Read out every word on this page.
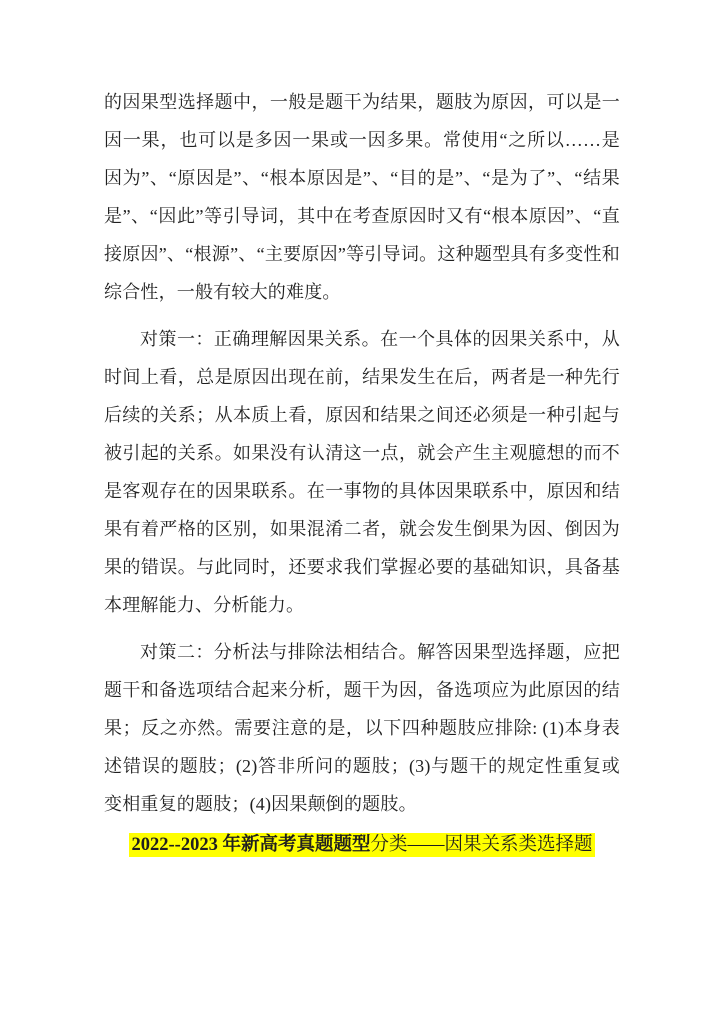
的因果型选择题中，一般是题干为结果，题肢为原因，可以是一因一果，也可以是多因一果或一因多果。常使用“之所以……是因为”、“原因是”、“根本原因是”、“目的是”、“是为了”、“结果是”、“因此”等引导词，其中在考查原因时又有“根本原因”、“直接原因”、“根源”、“主要原因”等引导词。这种题型具有多变性和综合性，一般有较大的难度。

对策一：正确理解因果关系。在一个具体的因果关系中，从时间上看，总是原因出现在前，结果发生在后，两者是一种先行后续的关系；从本质上看，原因和结果之间还必须是一种引起与被引起的关系。如果没有认清这一点，就会产生主观臆想的而不是客观存在的因果联系。在一事物的具体因果联系中，原因和结果有着严格的区别，如果混淆二者，就会发生倒果为因、倒因为果的错误。与此同时，还要求我们掌握必要的基础知识，具备基本理解能力、分析能力。

对策二：分析法与排除法相结合。解答因果型选择题，应把题干和备选项结合起来分析，题干为因，备选项应为此原因的结果；反之亦然。需要注意的是，以下四种题肢应排除: (1)本身表述错误的题肢；(2)答非所问的题肢；(3)与题干的规定性重复或变相重复的题肢；(4)因果颠倒的题肢。

2022--2023 年新高考真题题型分类——因果关系类选择题
